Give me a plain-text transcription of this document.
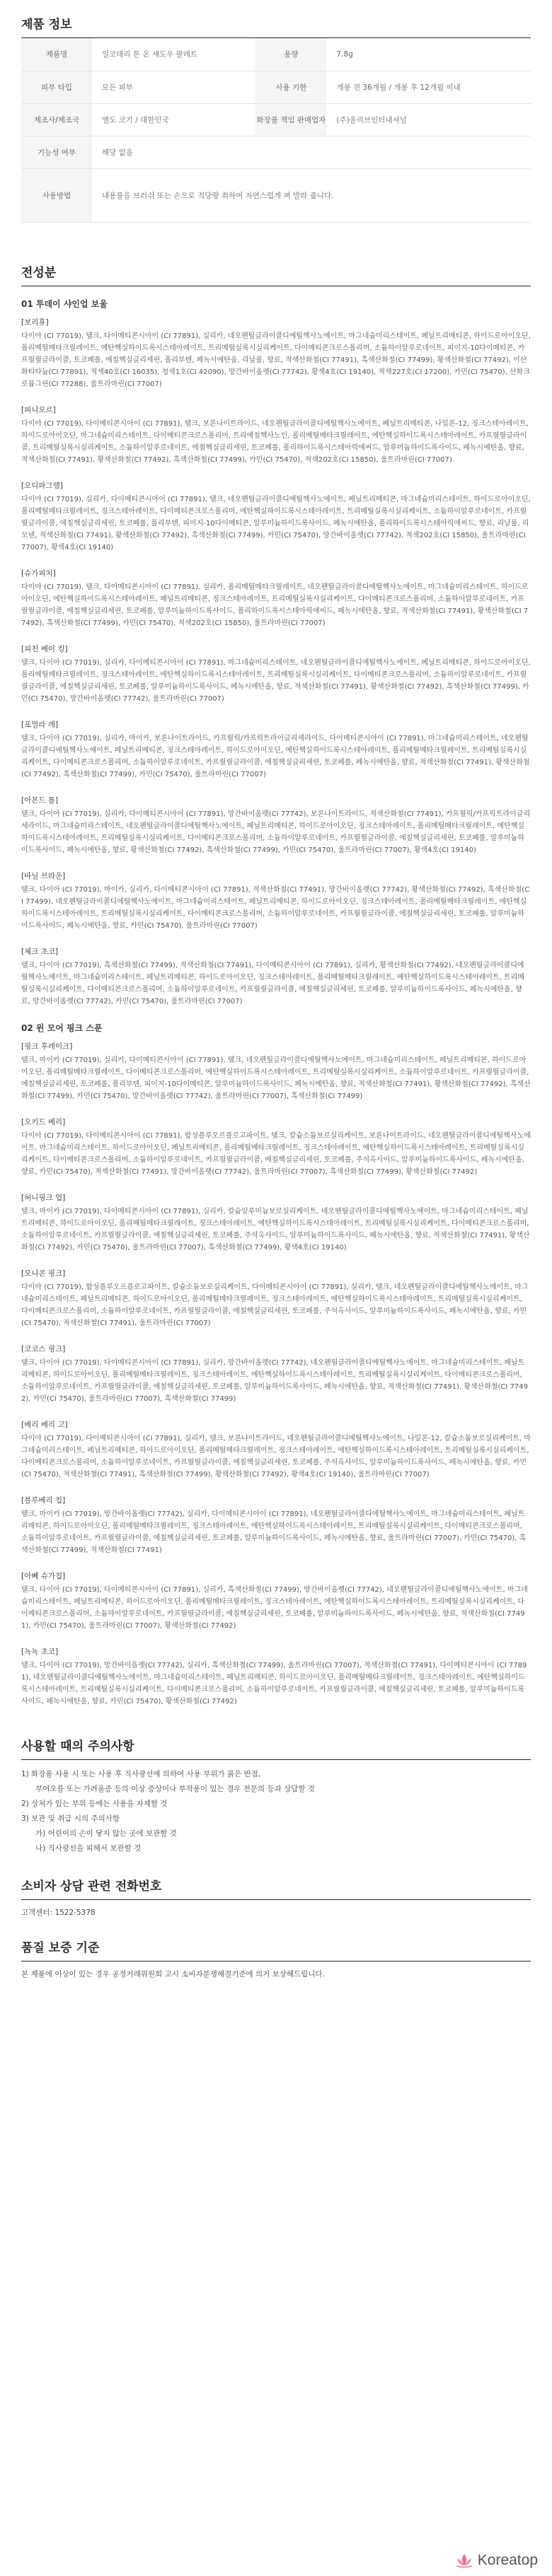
제품 정보
제품명	일코데리 톤 온 섀도우 팔레트	용량	7.8g
피부 타입	모든 피부	사용 기한	개봉 전 36개월 / 개봉 후 12개월 이내
제조사/제조국	엘도 코기 / 대한민국	화장품 책임 판매업자	(주)올리브인터내셔널
기능성 여부	해당 없음		
사용방법	내용물을 브러쉬 또는 손으로 적당량 취하여 자연스럽게 펴 발라 줍니다.		
전성분
01 투데이 샤인업 보울
[보리휴]
다이아 (CI 77019), 탤크, 다이메티콘시아이 (CI 77891), 실리카, 네오펜틸글라이콜디에틸헥사노에이트, 마그네슘미리스테이트, 페닐트리메티콘, 하이드로아이오딘, 폴리메틸메타크릴레이트, 에탄헥실하이드록시스테아레이트, 트리메틸실록시실리케이트, 다이메티콘크로스폴리머, 소듐하이알루로네이트, 피이지-10다이메티콘, 카프릴릴글라이콜, 토코페롤, 에칠헥실글리세린, 폴리부텐, 페녹시에탄올, 리날룰, 향료, 적색산화철(CI 77491), 흑색산화철(CI 77499), 황색산화철(CI 77492), 이산화티타늄(CI 77891), 적색40호(CI 16035), 청색1호(CI 42090), 망간바이올렛(CI 77742), 황색4호(CI 19140), 적색227호(CI 17200), 카민(CI 75470), 산화크로뮴그린(CI 77288), 울트라마린(CI 77007)
[피니모르]
다이아 (CI 77019), 다이메티콘시아이 (CI 77891), 탤크, 보론나이트라이드, 네오펜틸글라이콜디에틸헥사노에이트, 페닐트리메티콘, 나일론-12, 징크스테아레이트, 하이드로아이오딘, 마그네슘미리스테이트, 다이메티콘크로스폴리머, 트리에칠헥사노인, 폴리메틸메타크릴레이트, 에탄헥실하이드록시스테아레이트, 카프릴릴글라이콜, 트리메틸실록시실리케이트, 소듐하이알루로네이트, 에칠헥실글리세린, 토코페롤, 폴리하이드록시스테아릭애씨드, 알루미늄하이드록사이드, 페녹시에탄올, 향료, 적색산화철(CI 77491), 황색산화철(CI 77492), 흑색산화철(CI 77499), 카민(CI 75470), 적색202호(CI 15850), 울트라마린(CI 77007)
[오디파그램]
다이아 (CI 77019), 실리카, 다이메티콘시아이 (CI 77891), 탤크, 네오펜틸글라이콜디에틸헥사노에이트, 페닐트리메티콘, 마그네슘미리스테이트, 하이드로아이오딘, 폴리메틸메타크릴레이트, 징크스테아레이트, 다이메티콘크로스폴리머, 에탄헥실하이드록시스테아레이트, 트리메틸실록시실리케이트, 소듐하이알루로네이트, 카프릴릴글라이콜, 에칠헥실글리세린, 토코페롤, 폴리부텐, 피이지-10다이메티콘, 알루미늄하이드록사이드, 페녹시에탄올, 폴리하이드록시스테아릭애씨드, 향료, 리날룰, 리모넨, 적색산화철(CI 77491), 황색산화철(CI 77492), 흑색산화철(CI 77499), 카민(CI 75470), 망간바이올렛(CI 77742), 적색202호(CI 15850), 울트라마린(CI 77007), 황색4호(CI 19140)
[슈가피치]
다이아 (CI 77019), 탤크, 다이메티콘시아이 (CI 77891), 실리카, 폴리메틸메타크릴레이트, 네오펜틸글라이콜디에틸헥사노에이트, 마그네슘미리스테이트, 하이드로아이오딘, 에탄헥실하이드록시스테아레이트, 페닐트리메티콘, 징크스테아레이트, 트리메틸실록시실리케이트, 다이메티콘크로스폴리머, 소듐하이알루로네이트, 카프릴릴글라이콜, 에칠헥실글리세린, 토코페롤, 알루미늄하이드록사이드, 폴리하이드록시스테아릭애씨드, 페녹시에탄올, 향료, 적색산화철(CI 77491), 황색산화철(CI 77492), 흑색산화철(CI 77499), 카민(CI 75470), 적색202호(CI 15850), 울트라마린(CI 77007)
[피친 베이 킹]
탤크, 다이아 (CI 77019), 실리카, 다이메티콘시아이 (CI 77891), 마그네슘미리스테이트, 네오펜틸글라이콜디에틸헥사노에이트, 페닐트리메티콘, 하이드로아이오딘, 폴리메틸메타크릴레이트, 징크스테아레이트, 에탄헥실하이드록시스테아레이트, 트리메틸실록시실리케이트, 다이메티콘크로스폴리머, 소듐하이알루로네이트, 카프릴릴글라이콜, 에칠헥실글리세린, 토코페롤, 알루미늄하이드록사이드, 페녹시에탄올, 향료, 적색산화철(CI 77491), 황색산화철(CI 77492), 흑색산화철(CI 77499), 카민(CI 75470), 망간바이올렛(CI 77742), 울트라마린(CI 77007)
[포멀라 레]
탤크, 다이아 (CI 77019), 실리카, 마이카, 보론나이트라이드, 카프릴릭/카프릭트라이글리세라이드, 다이메티콘시아이 (CI 77891), 마그네슘미리스테이트, 네오펜틸글라이콜디에틸헥사노에이트, 페닐트리메티콘, 징크스테아레이트, 하이드로아이오딘, 에탄헥실하이드록시스테아레이트, 폴리메틸메타크릴레이트, 트리메틸실록시실리케이트, 다이메티콘크로스폴리머, 소듐하이알루로네이트, 카프릴릴글라이콜, 에칠헥실글리세린, 토코페롤, 페녹시에탄올, 향료, 적색산화철(CI 77491), 황색산화철(CI 77492), 흑색산화철(CI 77499), 카민(CI 75470), 울트라마린(CI 77007)
[아몬드 톨]
탤크, 다이아 (CI 77019), 실리카, 다이메티콘시아이 (CI 77891), 망간바이올렛(CI 77742), 보론나이트라이드, 적색산화철(CI 77491), 카프릴릭/카프릭트라이글리세라이드, 마그네슘미리스테이트, 네오펜틸글라이콜디에틸헥사노에이트, 페닐트리메티콘, 하이드로아이오딘, 징크스테아레이트, 폴리메틸메타크릴레이트, 에탄헥실하이드록시스테아레이트, 트리메틸실록시실리케이트, 다이메티콘크로스폴리머, 소듐하이알루로네이트, 카프릴릴글라이콜, 에칠헥실글리세린, 토코페롤, 알루미늄하이드록사이드, 페녹시에탄올, 향료, 황색산화철(CI 77492), 흑색산화철(CI 77499), 카민(CI 75470), 울트라마린(CI 77007), 황색4호(CI 19140)
[바닐 브라운]
탤크, 다이아 (CI 77019), 마이카, 실리카, 다이메티콘시아이 (CI 77891), 적색산화철(CI 77491), 망간바이올렛(CI 77742), 황색산화철(CI 77492), 흑색산화철(CI 77499), 네오펜틸글라이콜디에틸헥사노에이트, 마그네슘미리스테이트, 페닐트리메티콘, 하이드로아이오딘, 징크스테아레이트, 폴리메틸메타크릴레이트, 에탄헥실하이드록시스테아레이트, 트리메틸실록시실리케이트, 다이메티콘크로스폴리머, 소듐하이알루로네이트, 카프릴릴글라이콜, 에칠헥실글리세린, 토코페롤, 알루미늄하이드록사이드, 페녹시에탄올, 향료, 카민(CI 75470), 울트라마린(CI 77007)
[체크 초코]
탤크, 다이아 (CI 77019), 흑색산화철(CI 77499), 적색산화철(CI 77491), 다이메티콘시아이 (CI 77891), 실리카, 황색산화철(CI 77492), 네오펜틸글라이콜디에틸헥사노에이트, 마그네슘미리스테이트, 페닐트리메티콘, 하이드로아이오딘, 징크스테아레이트, 폴리메틸메타크릴레이트, 에탄헥실하이드록시스테아레이트, 트리메틸실록시실리케이트, 다이메티콘크로스폴리머, 소듐하이알루로네이트, 카프릴릴글라이콜, 에칠헥실글리세린, 토코페롤, 알루미늄하이드록사이드, 페녹시에탄올, 향료, 망간바이올렛(CI 77742), 카민(CI 75470), 울트라마린(CI 77007)
02 윈 모어 핑크 스푼
[핑크 후레이크]
탤크, 마이카 (CI 77019), 실리카, 다이메티콘시아이 (CI 77891), 탤크, 네오펜틸글라이콜디에틸헥사노에이트, 마그네슘미리스테이트, 페닐트리메티콘, 하이드로아이오딘, 폴리메틸메타크릴레이트, 다이메티콘크로스폴리머, 에탄헥실하이드록시스테아레이트, 트리메틸실록시실리케이트, 소듐하이알루로네이트, 카프릴릴글라이콜, 에칠헥실글리세린, 토코페롤, 폴리부텐, 피이지-10다이메티콘, 알루미늄하이드록사이드, 페녹시에탄올, 향료, 적색산화철(CI 77491), 황색산화철(CI 77492), 흑색산화철(CI 77499), 카민(CI 75470), 망간바이올렛(CI 77742), 울트라마린(CI 77007), 흑색산화철(CI 77499)
[오키드 베리]
다이아 (CI 77019), 다이메티콘시아이 (CI 77891), 합성플루오르플로고파이트, 탤크, 칼슘소듐보로실리케이트, 보론나이트라이드, 네오펜틸글라이콜디에틸헥사노에이트, 마그네슘미리스테이트, 하이드로아이오딘, 페닐트리메티콘, 폴리메틸메타크릴레이트, 징크스테아레이트, 에탄헥실하이드록시스테아레이트, 트리메틸실록시실리케이트, 다이메티콘크로스폴리머, 소듐하이알루로네이트, 카프릴릴글라이콜, 에칠헥실글리세린, 토코페롤, 주석옥사이드, 알루미늄하이드록사이드, 페녹시에탄올, 향료, 카민(CI 75470), 적색산화철(CI 77491), 망간바이올렛(CI 77742), 울트라마린(CI 77007), 흑색산화철(CI 77499), 황색산화철(CI 77492)
[허니핑크 업]
탤크, 마이카 (CI 77019), 다이메티콘시아이 (CI 77891), 실리카, 칼슘알루미늄보로실리케이트, 네오펜틸글라이콜디에틸헥사노에이트, 마그네슘미리스테이트, 페닐트리메티콘, 하이드로아이오딘, 폴리메틸메타크릴레이트, 징크스테아레이트, 에탄헥실하이드록시스테아레이트, 트리메틸실록시실리케이트, 다이메티콘크로스폴리머, 소듐하이알루로네이트, 카프릴릴글라이콜, 에칠헥실글리세린, 토코페롤, 주석옥사이드, 알루미늄하이드록사이드, 페녹시에탄올, 향료, 적색산화철(CI 77491), 황색산화철(CI 77492), 카민(CI 75470), 울트라마린(CI 77007), 흑색산화철(CI 77499), 황색4호(CI 19140)
[모니콘 핑크]
다이아 (CI 77019), 합성플루오르플로고파이트, 칼슘소듐보로실리케이트, 다이메티콘시아이 (CI 77891), 실리카, 탤크, 네오펜틸글라이콜디에틸헥사노에이트, 마그네슘미리스테이트, 페닐트리메티콘, 하이드로아이오딘, 폴리메틸메타크릴레이트, 징크스테아레이트, 에탄헥실하이드록시스테아레이트, 트리메틸실록시실리케이트, 다이메티콘크로스폴리머, 소듐하이알루로네이트, 카프릴릴글라이콜, 에칠헥실글리세린, 토코페롤, 주석옥사이드, 알루미늄하이드록사이드, 페녹시에탄올, 향료, 카민(CI 75470), 적색산화철(CI 77491), 울트라마린(CI 77007)
[코코스 핑크]
탤크, 다이아 (CI 77019), 다이메티콘시아이 (CI 77891), 실리카, 망간바이올렛(CI 77742), 네오펜틸글라이콜디에틸헥사노에이트, 마그네슘미리스테이트, 페닐트리메티콘, 하이드로아이오딘, 폴리메틸메타크릴레이트, 징크스테아레이트, 에탄헥실하이드록시스테아레이트, 트리메틸실록시실리케이트, 다이메티콘크로스폴리머, 소듐하이알루로네이트, 카프릴릴글라이콜, 에칠헥실글리세린, 토코페롤, 알루미늄하이드록사이드, 페녹시에탄올, 향료, 적색산화철(CI 77491), 황색산화철(CI 77492), 카민(CI 75470), 울트라마린(CI 77007), 흑색산화철(CI 77499)
[베리 베리 고]
다이아 (CI 77019), 다이메티콘시아이 (CI 77891), 실리카, 탤크, 보론나이트라이드, 네오펜틸글라이콜디에틸헥사노에이트, 나일론-12, 칼슘소듐보로실리케이트, 마그네슘미리스테이트, 페닐트리메티콘, 하이드로아이오딘, 폴리메틸메타크릴레이트, 징크스테아레이트, 에탄헥실하이드록시스테아레이트, 트리메틸실록시실리케이트, 다이메티콘크로스폴리머, 소듐하이알루로네이트, 카프릴릴글라이콜, 에칠헥실글리세린, 토코페롤, 주석옥사이드, 알루미늄하이드록사이드, 페녹시에탄올, 향료, 카민(CI 75470), 적색산화철(CI 77491), 흑색산화철(CI 77499), 황색산화철(CI 77492), 황색4호(CI 19140), 울트라마린(CI 77007)
[블루베리 칩]
탤크, 마이카 (CI 77019), 망간바이올렛(CI 77742), 실리카, 다이메티콘시아이 (CI 77891), 네오펜틸글라이콜디에틸헥사노에이트, 마그네슘미리스테이트, 페닐트리메티콘, 하이드로아이오딘, 폴리메틸메타크릴레이트, 징크스테아레이트, 에탄헥실하이드록시스테아레이트, 트리메틸실록시실리케이트, 다이메티콘크로스폴리머, 소듐하이알루로네이트, 카프릴릴글라이콜, 에칠헥실글리세린, 토코페롤, 알루미늄하이드록사이드, 페녹시에탄올, 향료, 울트라마린(CI 77007), 카민(CI 75470), 흑색산화철(CI 77499), 적색산화철(CI 77491)
[아뻬 슈가칩]
탤크, 다이아 (CI 77019), 다이메티콘시아이 (CI 77891), 실리카, 흑색산화철(CI 77499), 망간바이올렛(CI 77742), 네오펜틸글라이콜디에틸헥사노에이트, 마그네슘미리스테이트, 페닐트리메티콘, 하이드로아이오딘, 폴리메틸메타크릴레이트, 징크스테아레이트, 에탄헥실하이드록시스테아레이트, 트리메틸실록시실리케이트, 다이메티콘크로스폴리머, 소듐하이알루로네이트, 카프릴릴글라이콜, 에칠헥실글리세린, 토코페롤, 알루미늄하이드록사이드, 페녹시에탄올, 향료, 적색산화철(CI 77491), 카민(CI 75470), 울트라마린(CI 77007), 황색산화철(CI 77492)
[녹녹 초코]
탤크, 다이아 (CI 77019), 망간바이올렛(CI 77742), 실리카, 흑색산화철(CI 77499), 울트라마린(CI 77007), 적색산화철(CI 77491), 다이메티콘시아이 (CI 77891), 네오펜틸글라이콜디에틸헥사노에이트, 마그네슘미리스테이트, 페닐트리메티콘, 하이드로아이오딘, 폴리메틸메타크릴레이트, 징크스테아레이트, 에탄헥실하이드록시스테아레이트, 트리메틸실록시실리케이트, 다이메티콘크로스폴리머, 소듐하이알루로네이트, 카프릴릴글라이콜, 에칠헥실글리세린, 토코페롤, 알루미늄하이드록사이드, 페녹시에탄올, 향료, 카민(CI 75470), 황색산화철(CI 77492)
사용할 때의 주의사항
1) 화장품 사용 시 또는 사용 후 직사광선에 의하여 사용 부위가 붉은 반점,
부어오름 또는 가려움증 등의 이상 증상이나 부작용이 있는 경우 전문의 등과 상담할 것
2) 상처가 있는 부위 등에는 사용을 자제할 것
3) 보관 및 취급 시의 주의사항
가) 어린이의 손이 닿지 않는 곳에 보관할 것
나) 직사광선을 피해서 보관할 것
소비자 상담 관련 전화번호

고객센터: 1522-5378

품질 보증 기준

본 제품에 이상이 있는 경우 공정거래위원회 고시 소비자분쟁해결기준에 의거 보상해드립니다.

Koreatop
